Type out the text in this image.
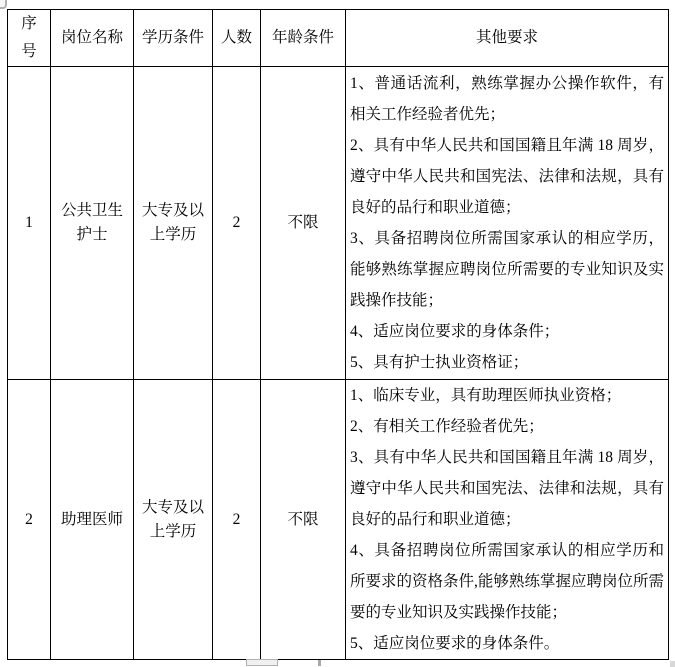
序号	岗位名称	学历条件	人数	年龄条件	其他要求
1	公共卫生护士	大专及以上学历	2	不限	1、普通话流利，熟练掌握办公操作软件，有相关工作经验者优先；

2、具有中华人民共和国国籍且年满 18 周岁，遵守中华人民共和国宪法、法律和法规，具有良好的品行和职业道德；

3、具备招聘岗位所需国家承认的相应学历，能够熟练掌握应聘岗位所需要的专业知识及实践操作技能；

4、适应岗位要求的身体条件；

5、具有护士执业资格证；

2	助理医师	大专及以上学历	2	不限	1、临床专业，具有助理医师执业资格；

2、有相关工作经验者优先；

3、具有中华人民共和国国籍且年满 18 周岁，遵守中华人民共和国宪法、法律和法规，具有良好的品行和职业道德；

4、具备招聘岗位所需国家承认的相应学历和所要求的资格条件,能够熟练掌握应聘岗位所需要的专业知识及实践操作技能；

5、适应岗位要求的身体条件。
